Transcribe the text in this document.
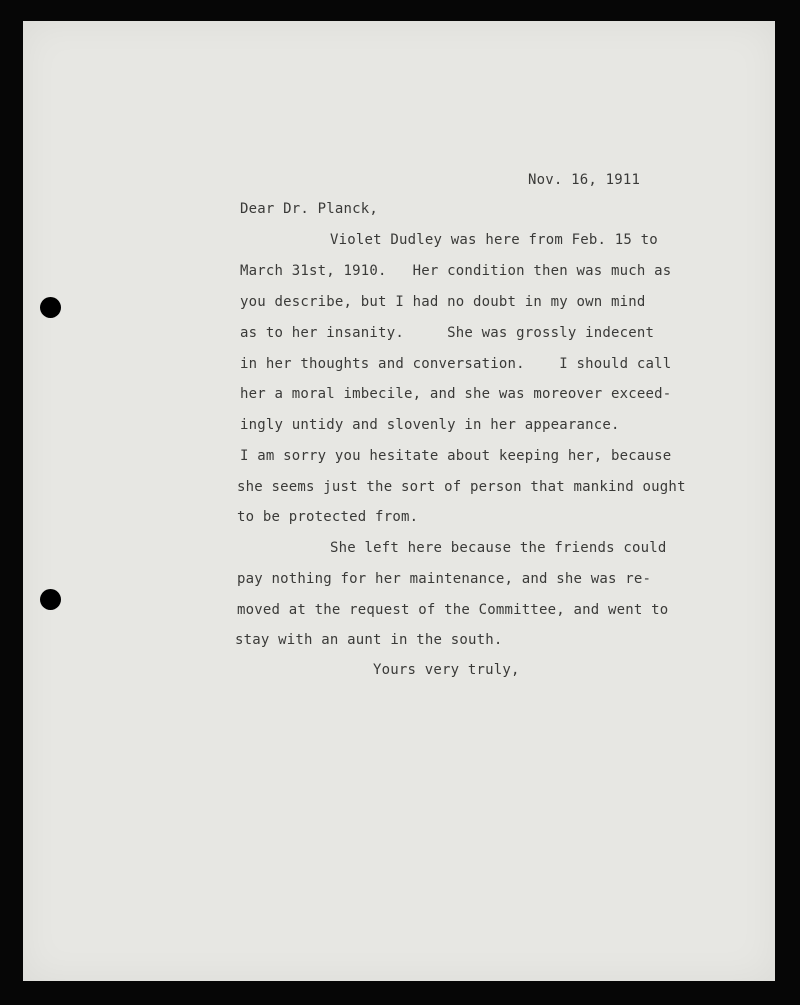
Nov. 16, 1911
Dear Dr. Planck,
Violet Dudley was here from Feb. 15 to
March 31st, 1910.   Her condition then was much as
you describe, but I had no doubt in my own mind
as to her insanity.     She was grossly indecent
in her thoughts and conversation.    I should call
her a moral imbecile, and she was moreover exceed-
ingly untidy and slovenly in her appearance.
I am sorry you hesitate about keeping her, because
she seems just the sort of person that mankind ought
to be protected from.
She left here because the friends could
pay nothing for her maintenance, and she was re-
moved at the request of the Committee, and went to
stay with an aunt in the south.
Yours very truly,
